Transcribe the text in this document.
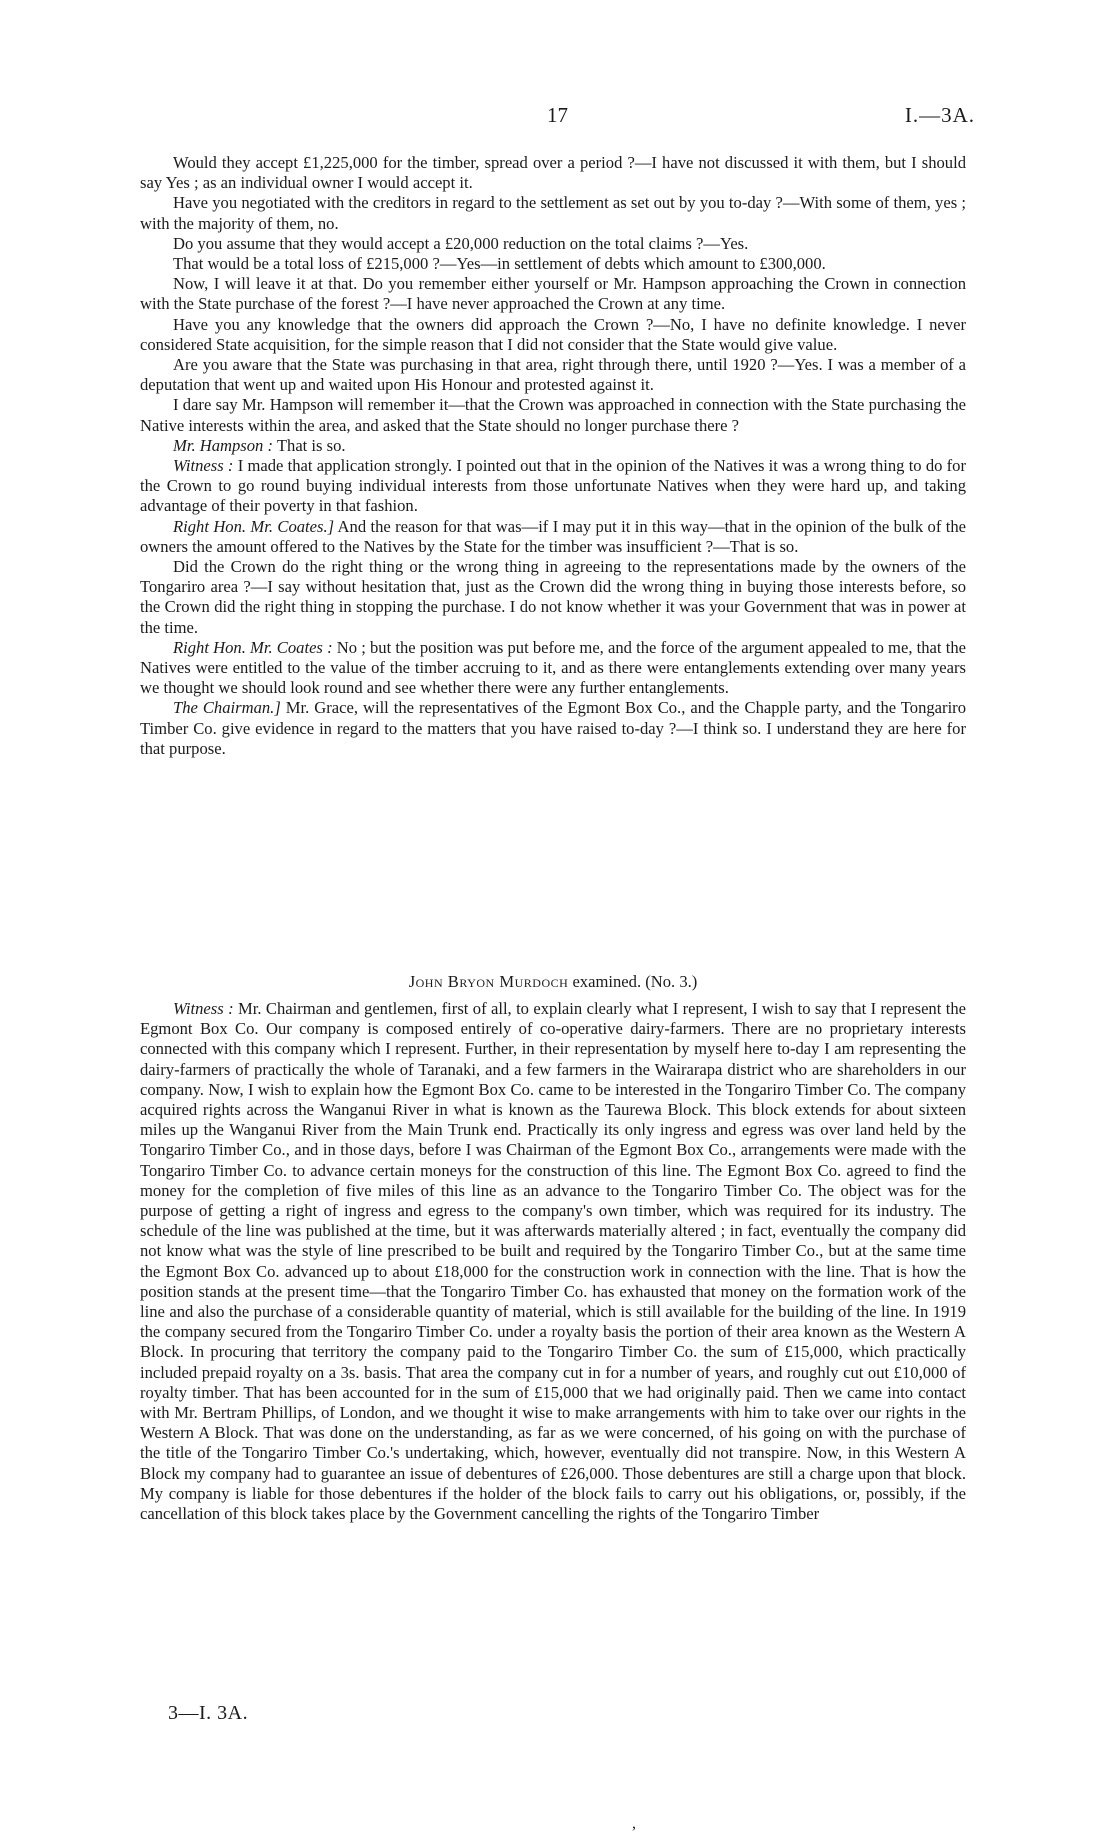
17	I.—3A.

Would they accept £1,225,000 for the timber, spread over a period ?—I have not discussed it with them, but I should say Yes ; as an individual owner I would accept it.

Have you negotiated with the creditors in regard to the settlement as set out by you to-day ?—With some of them, yes ; with the majority of them, no.

Do you assume that they would accept a £20,000 reduction on the total claims ?—Yes.

That would be a total loss of £215,000 ?—Yes—in settlement of debts which amount to £300,000.

Now, I will leave it at that. Do you remember either yourself or Mr. Hampson approaching the Crown in connection with the State purchase of the forest ?—I have never approached the Crown at any time.

Have you any knowledge that the owners did approach the Crown ?—No, I have no definite knowledge. I never considered State acquisition, for the simple reason that I did not consider that the State would give value.

Are you aware that the State was purchasing in that area, right through there, until 1920 ?—Yes. I was a member of a deputation that went up and waited upon His Honour and protested against it.

I dare say Mr. Hampson will remember it—that the Crown was approached in connection with the State purchasing the Native interests within the area, and asked that the State should no longer purchase there ?

Mr. Hampson : That is so.

Witness : I made that application strongly. I pointed out that in the opinion of the Natives it was a wrong thing to do for the Crown to go round buying individual interests from those unfortunate Natives when they were hard up, and taking advantage of their poverty in that fashion.

Right Hon. Mr. Coates.] And the reason for that was—if I may put it in this way—that in the opinion of the bulk of the owners the amount offered to the Natives by the State for the timber was insufficient ?—That is so.

Did the Crown do the right thing or the wrong thing in agreeing to the representations made by the owners of the Tongariro area ?—I say without hesitation that, just as the Crown did the wrong thing in buying those interests before, so the Crown did the right thing in stopping the purchase. I do not know whether it was your Government that was in power at the time.

Right Hon. Mr. Coates : No ; but the position was put before me, and the force of the argument appealed to me, that the Natives were entitled to the value of the timber accruing to it, and as there were entanglements extending over many years we thought we should look round and see whether there were any further entanglements.

The Chairman.] Mr. Grace, will the representatives of the Egmont Box Co., and the Chapple party, and the Tongariro Timber Co. give evidence in regard to the matters that you have raised to-day ?—I think so. I understand they are here for that purpose.

John Bryon Murdoch examined. (No. 3.)

Witness : Mr. Chairman and gentlemen, first of all, to explain clearly what I represent, I wish to say that I represent the Egmont Box Co. Our company is composed entirely of co-operative dairy-farmers. There are no proprietary interests connected with this company which I represent. Further, in their representation by myself here to-day I am representing the dairy-farmers of practically the whole of Taranaki, and a few farmers in the Wairarapa district who are shareholders in our company. Now, I wish to explain how the Egmont Box Co. came to be interested in the Tongariro Timber Co. The company acquired rights across the Wanganui River in what is known as the Taurewa Block. This block extends for about sixteen miles up the Wanganui River from the Main Trunk end. Practically its only ingress and egress was over land held by the Tongariro Timber Co., and in those days, before I was Chairman of the Egmont Box Co., arrangements were made with the Tongariro Timber Co. to advance certain moneys for the construction of this line. The Egmont Box Co. agreed to find the money for the completion of five miles of this line as an advance to the Tongariro Timber Co. The object was for the purpose of getting a right of ingress and egress to the company's own timber, which was required for its industry. The schedule of the line was published at the time, but it was afterwards materially altered ; in fact, eventually the company did not know what was the style of line prescribed to be built and required by the Tongariro Timber Co., but at the same time the Egmont Box Co. advanced up to about £18,000 for the construction work in connection with the line. That is how the position stands at the present time—that the Tongariro Timber Co. has exhausted that money on the formation work of the line and also the purchase of a considerable quantity of material, which is still available for the building of the line. In 1919 the company secured from the Tongariro Timber Co. under a royalty basis the portion of their area known as the Western A Block. In procuring that territory the company paid to the Tongariro Timber Co. the sum of £15,000, which practically included prepaid royalty on a 3s. basis. That area the company cut in for a number of years, and roughly cut out £10,000 of royalty timber. That has been accounted for in the sum of £15,000 that we had originally paid. Then we came into contact with Mr. Bertram Phillips, of London, and we thought it wise to make arrangements with him to take over our rights in the Western A Block. That was done on the understanding, as far as we were concerned, of his going on with the purchase of the title of the Tongariro Timber Co.'s undertaking, which, however, eventually did not transpire. Now, in this Western A Block my company had to guarantee an issue of debentures of £26,000. Those debentures are still a charge upon that block. My company is liable for those debentures if the holder of the block fails to carry out his obligations, or, possibly, if the cancellation of this block takes place by the Government cancelling the rights of the Tongariro Timber

3—I. 3A.
,
